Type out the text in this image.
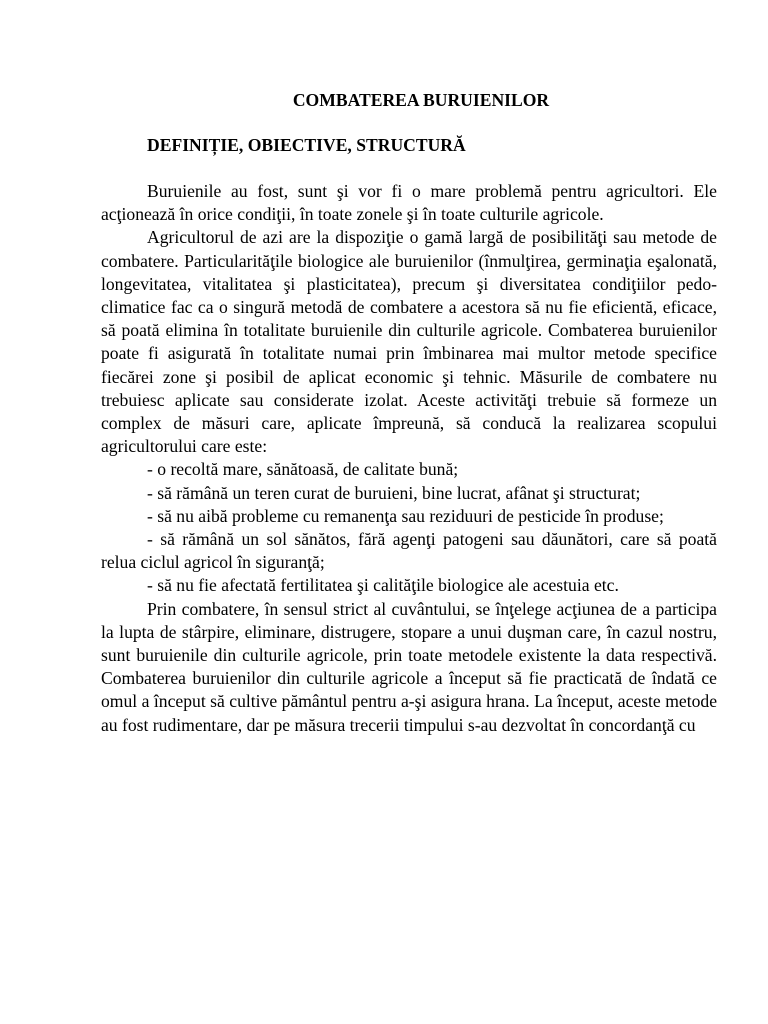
COMBATEREA BURUIENILOR
DEFINIȚIE, OBIECTIVE, STRUCTURĂ

Buruienile au fost, sunt şi vor fi o mare problemă pentru agricultori. Ele acţionează în orice condiţii, în toate zonele şi în toate culturile agricole.

Agricultorul de azi are la dispoziţie o gamă largă de posibilităţi sau metode de combatere. Particularităţile biologice ale buruienilor (înmulţirea, germinaţia eşalonată, longevitatea, vitalitatea şi plasticitatea), precum şi diversitatea condiţiilor pedo-climatice fac ca o singură metodă de combatere a acestora să nu fie eficientă, eficace, să poată elimina în totalitate buruienile din culturile agricole. Combaterea buruienilor poate fi asigurată în totalitate numai prin îmbinarea mai multor metode specifice fiecărei zone şi posibil de aplicat economic şi tehnic. Măsurile de combatere nu trebuiesc aplicate sau considerate izolat. Aceste activităţi trebuie să formeze un complex de măsuri care, aplicate împreună, să conducă la realizarea scopului agricultorului care este:

- o recoltă mare, sănătoasă, de calitate bună;

- să rămână un teren curat de buruieni, bine lucrat, afânat şi structurat;

- să nu aibă probleme cu remanenţa sau reziduuri de pesticide în produse;

- să rămână un sol sănătos, fără agenţi patogeni sau dăunători, care să poată relua ciclul agricol în siguranţă;

- să nu fie afectată fertilitatea şi calităţile biologice ale acestuia etc.

Prin combatere, în sensul strict al cuvântului, se înţelege acţiunea de a participa la lupta de stârpire, eliminare, distrugere, stopare a unui duşman care, în cazul nostru, sunt buruienile din culturile agricole, prin toate metodele existente la data respectivă. Combaterea buruienilor din culturile agricole a început să fie practicată de îndată ce omul a început să cultive pământul pentru a-şi asigura hrana. La început, aceste metode au fost rudimentare, dar pe măsura trecerii timpului s-au dezvoltat în concordanţă cu
